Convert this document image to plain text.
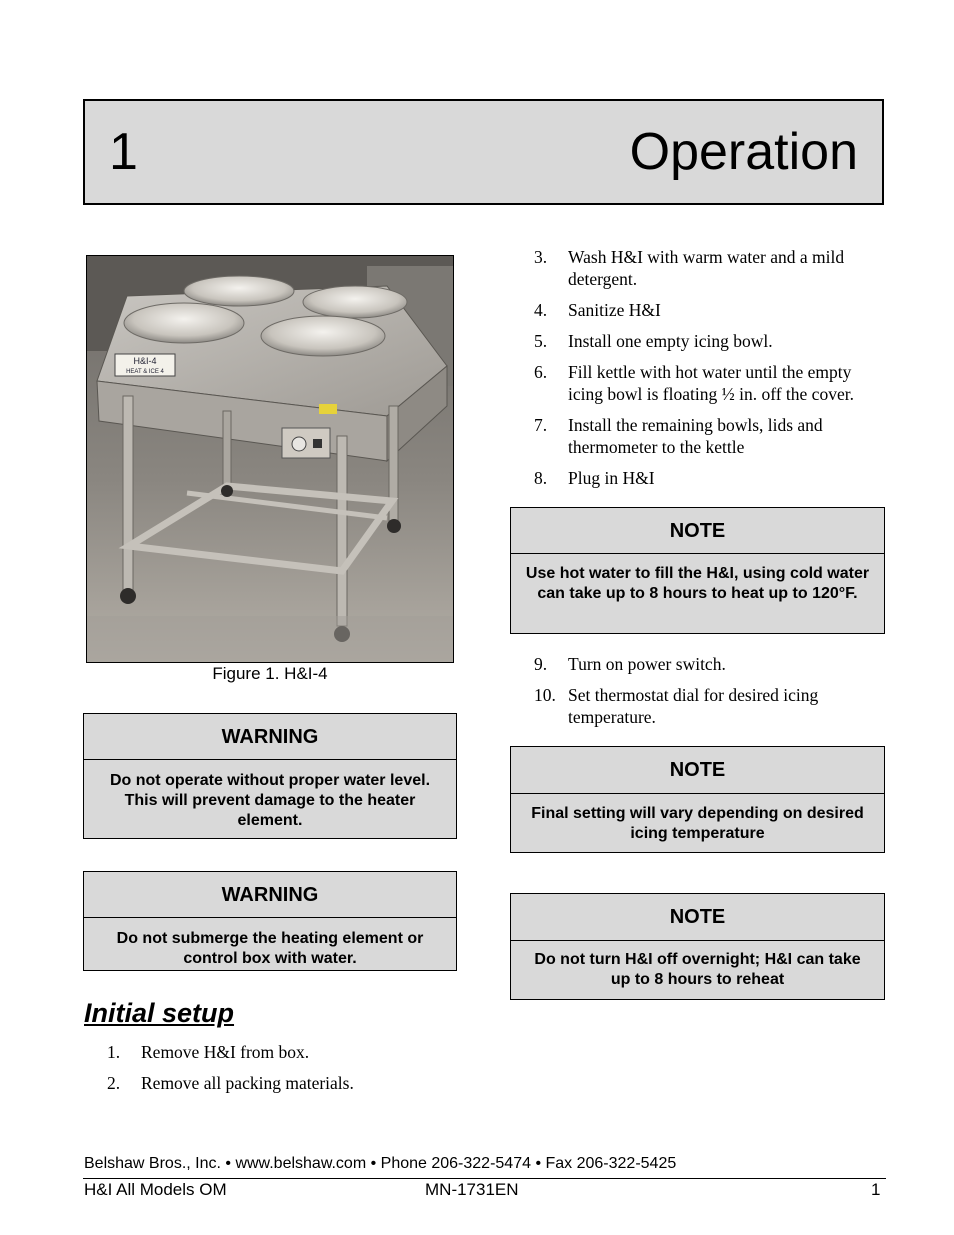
1	Operation
H&I-4
HEAT & ICE 4
Figure 1. H&I-4
WARNING
Do not operate without proper water level. This will prevent damage to the heater element.
WARNING
Do not submerge the heating element or control box with water.
Initial setup
1. Remove H&I from box.
2. Remove all packing materials.
3. Wash H&I with warm water and a mild detergent.
4. Sanitize H&I
5. Install one empty icing bowl.
6. Fill kettle with hot water until the empty icing bowl is floating ½ in. off the cover.
7. Install the remaining bowls, lids and thermometer to the kettle
8. Plug in H&I
NOTE
Use hot water to fill the H&I, using cold water can take up to 8 hours to heat up to 120°F.
9. Turn on power switch.
10. Set thermostat dial for desired icing temperature.
NOTE
Final setting will vary depending on desired icing temperature
NOTE
Do not turn H&I off overnight; H&I can take up to 8 hours to reheat
Belshaw Bros., Inc. • www.belshaw.com • Phone 206-322-5474 • Fax 206-322-5425
H&I All Models OM	MN-1731EN	1
